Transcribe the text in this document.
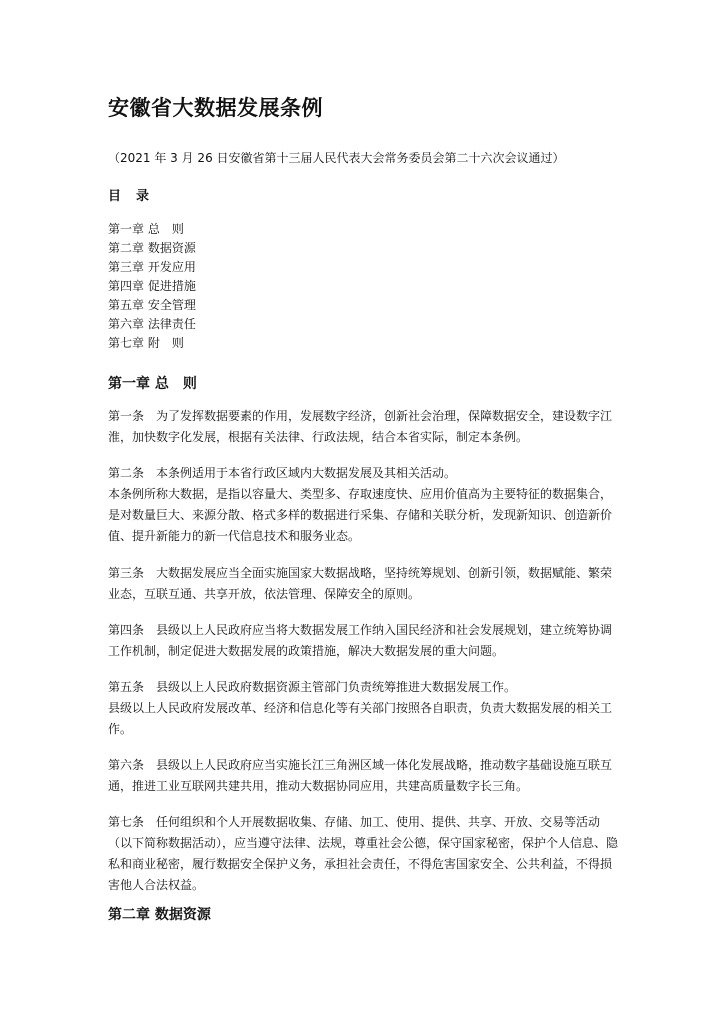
安徽省大数据发展条例
（2021 年 3 月 26 日安徽省第十三届人民代表大会常务委员会第二十六次会议通过）
目　录
第一章 总　则
第二章 数据资源
第三章 开发应用
第四章 促进措施
第五章 安全管理
第六章 法律责任
第七章 附　则
第一章 总　则

第一条　为了发挥数据要素的作用，发展数字经济，创新社会治理，保障数据安全，建设数字江淮，加快数字化发展，根据有关法律、行政法规，结合本省实际，制定本条例。

第二条　本条例适用于本省行政区域内大数据发展及其相关活动。

本条例所称大数据，是指以容量大、类型多、存取速度快、应用价值高为主要特征的数据集合，是对数量巨大、来源分散、格式多样的数据进行采集、存储和关联分析，发现新知识、创造新价值、提升新能力的新一代信息技术和服务业态。

第三条　大数据发展应当全面实施国家大数据战略，坚持统筹规划、创新引领，数据赋能、繁荣业态，互联互通、共享开放，依法管理、保障安全的原则。

第四条　县级以上人民政府应当将大数据发展工作纳入国民经济和社会发展规划，建立统筹协调工作机制，制定促进大数据发展的政策措施，解决大数据发展的重大问题。

第五条　县级以上人民政府数据资源主管部门负责统筹推进大数据发展工作。

县级以上人民政府发展改革、经济和信息化等有关部门按照各自职责，负责大数据发展的相关工作。

第六条　县级以上人民政府应当实施长江三角洲区域一体化发展战略，推动数字基础设施互联互通，推进工业互联网共建共用，推动大数据协同应用，共建高质量数字长三角。

第七条　任何组织和个人开展数据收集、存储、加工、使用、提供、共享、开放、交易等活动（以下简称数据活动），应当遵守法律、法规，尊重社会公德，保守国家秘密，保护个人信息、隐私和商业秘密，履行数据安全保护义务，承担社会责任，不得危害国家安全、公共利益，不得损害他人合法权益。

第二章 数据资源
